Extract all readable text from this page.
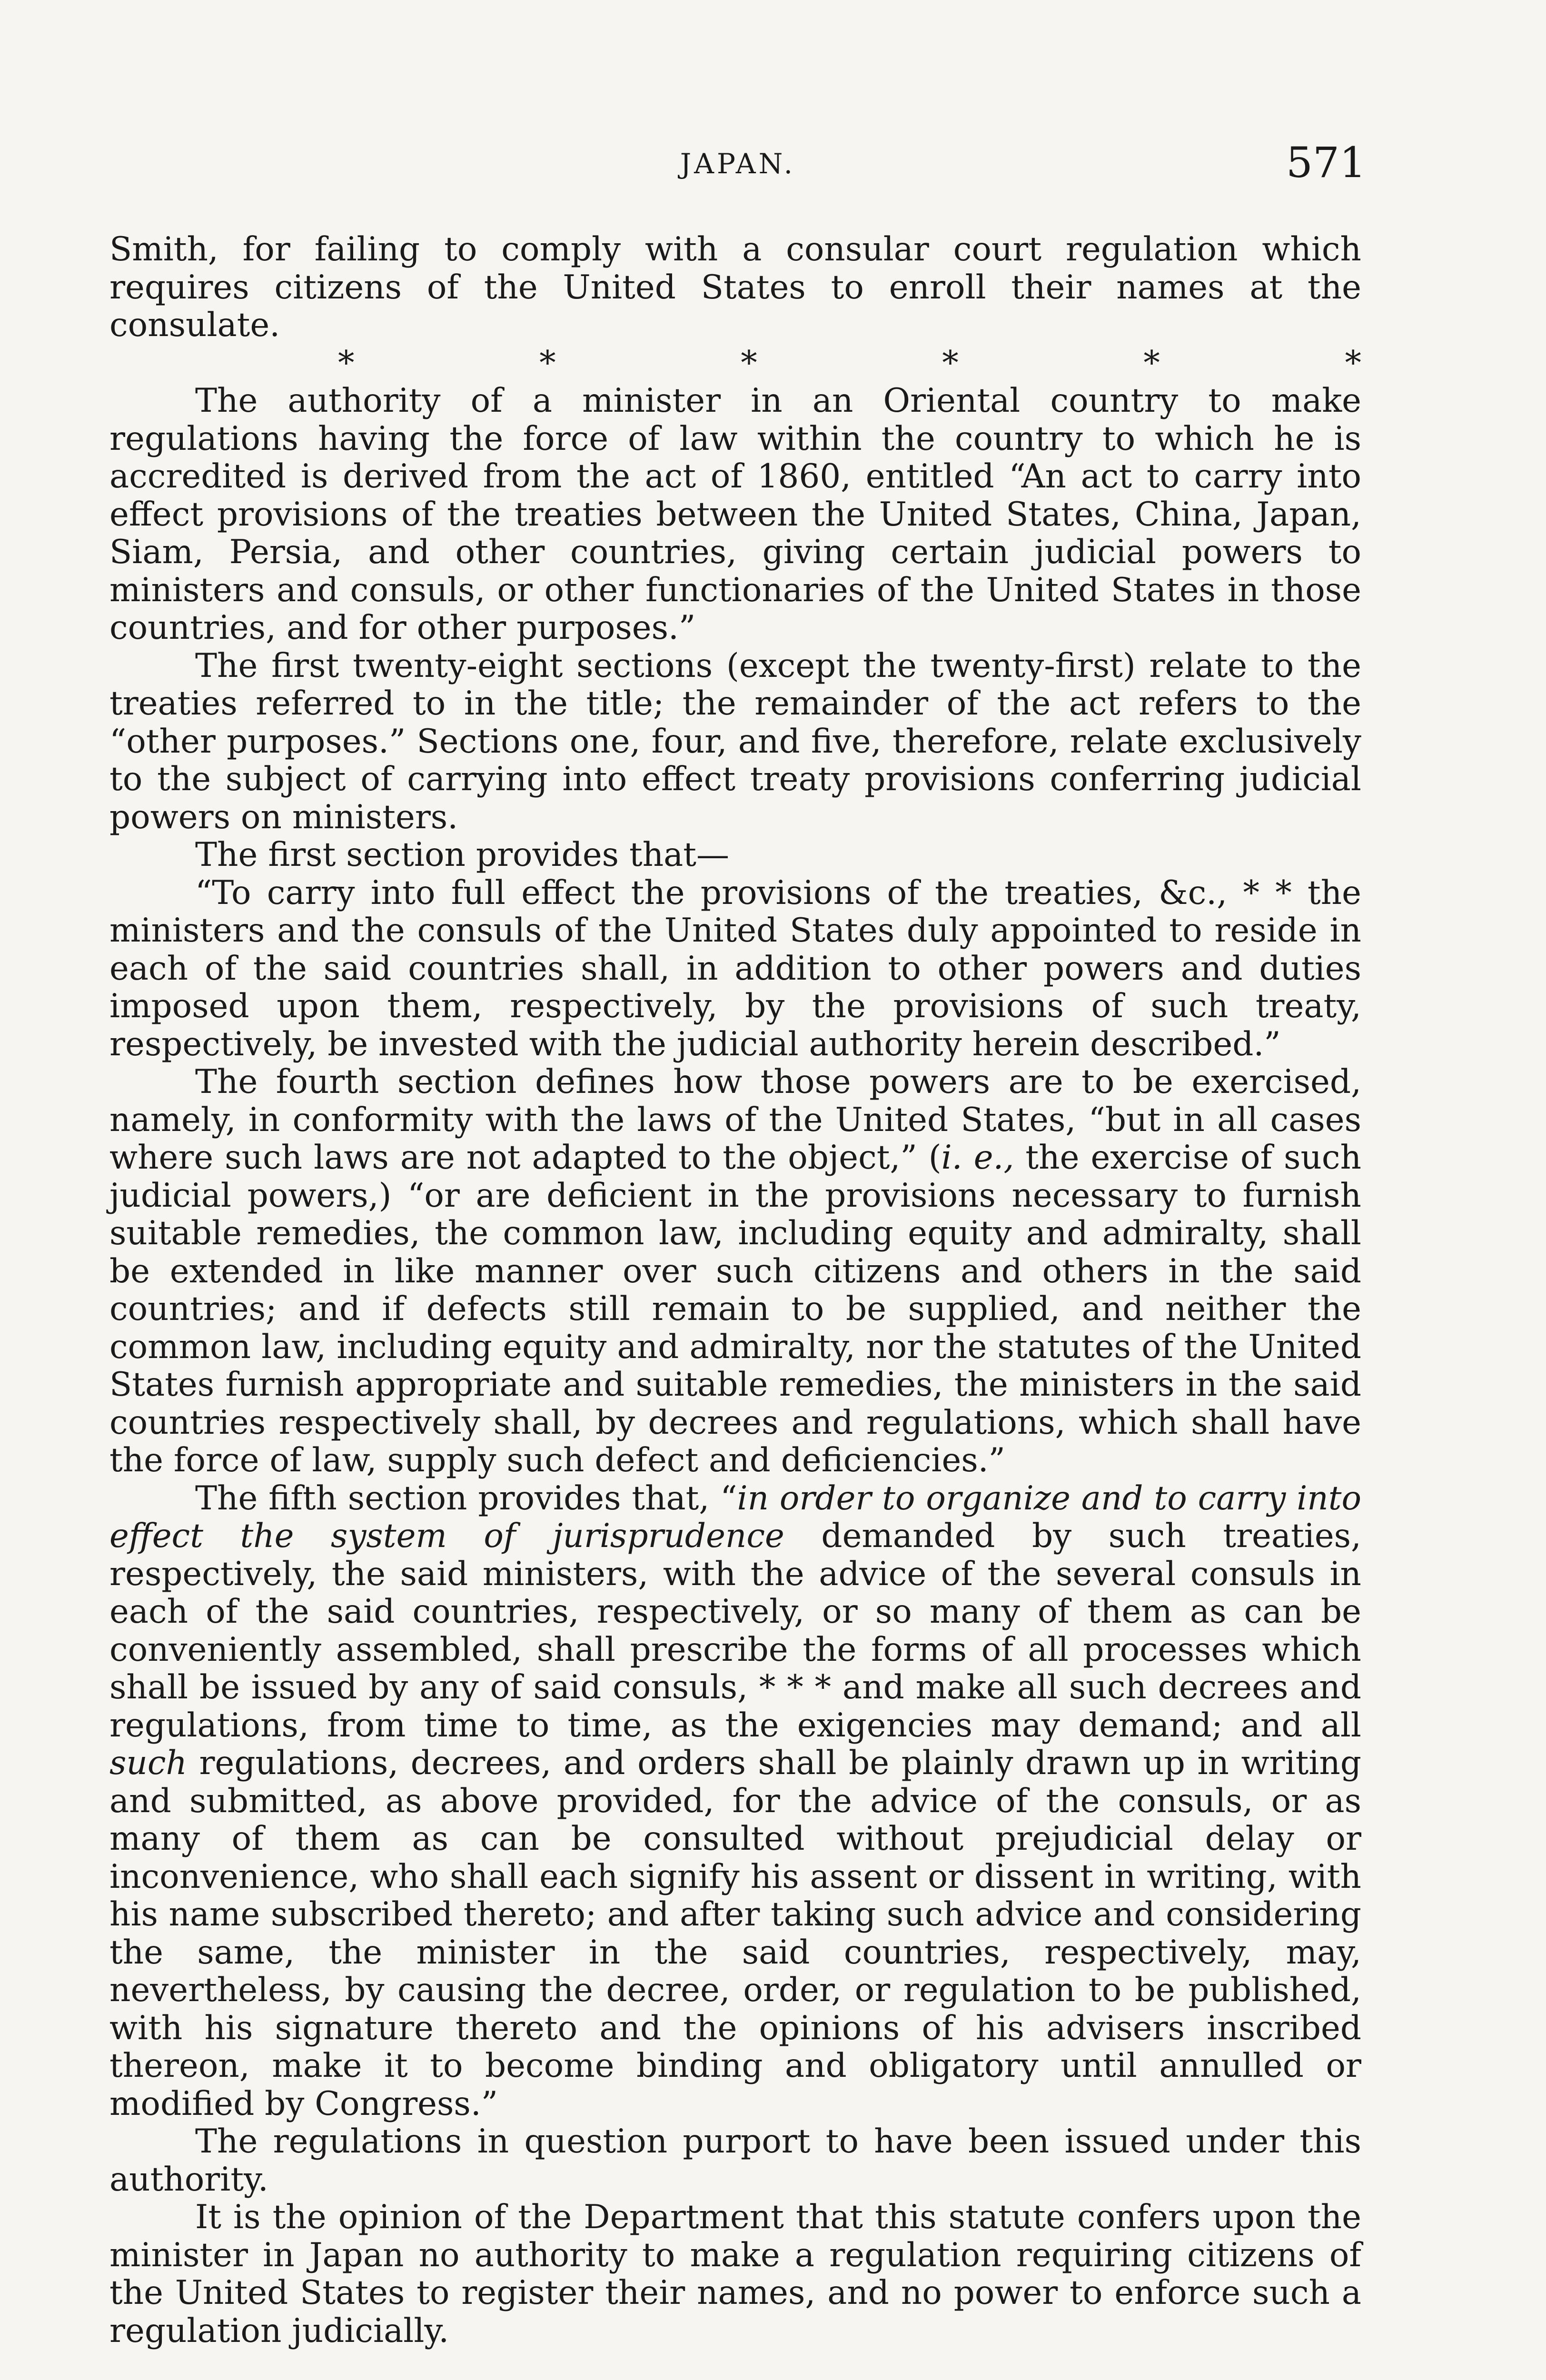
JAPAN.	571

Smith, for failing to comply with a consular court regulation which requires citizens of the United States to enroll their names at the consulate.

*	*	*	*	*	*

The authority of a minister in an Oriental country to make regulations having the force of law within the country to which he is accredited is derived from the act of 1860, entitled “An act to carry into effect provisions of the treaties between the United States, China, Japan, Siam, Persia, and other countries, giving certain judicial powers to ministers and consuls, or other functionaries of the United States in those countries, and for other purposes.”

The first twenty-eight sections (except the twenty-first) relate to the treaties referred to in the title; the remainder of the act refers to the “other purposes.” Sections one, four, and five, therefore, relate exclusively to the subject of carrying into effect treaty provisions conferring judicial powers on ministers.

The first section provides that—

“To carry into full effect the provisions of the treaties, &c., * * the ministers and the consuls of the United States duly appointed to reside in each of the said countries shall, in addition to other powers and duties imposed upon them, respectively, by the provisions of such treaty, respectively, be invested with the judicial authority herein described.”

The fourth section defines how those powers are to be exercised, namely, in conformity with the laws of the United States, “but in all cases where such laws are not adapted to the object,” (i. e., the exercise of such judicial powers,) “or are deficient in the provisions necessary to furnish suitable remedies, the common law, including equity and admiralty, shall be extended in like manner over such citizens and others in the said countries; and if defects still remain to be supplied, and neither the common law, including equity and admiralty, nor the statutes of the United States furnish appropriate and suitable remedies, the ministers in the said countries respectively shall, by decrees and regulations, which shall have the force of law, supply such defect and deficiencies.”

The fifth section provides that, “in order to organize and to carry into effect the system of jurisprudence demanded by such treaties, respectively, the said ministers, with the advice of the several consuls in each of the said countries, respectively, or so many of them as can be conveniently assembled, shall prescribe the forms of all processes which shall be issued by any of said consuls, * * * and make all such decrees and regulations, from time to time, as the exigencies may demand; and all such regulations, decrees, and orders shall be plainly drawn up in writing and submitted, as above provided, for the advice of the consuls, or as many of them as can be consulted without prejudicial delay or inconvenience, who shall each signify his assent or dissent in writing, with his name subscribed thereto; and after taking such advice and considering the same, the minister in the said countries, respectively, may, nevertheless, by causing the decree, order, or regulation to be published, with his signature thereto and the opinions of his advisers inscribed thereon, make it to become binding and obligatory until annulled or modified by Congress.”

The regulations in question purport to have been issued under this authority.

It is the opinion of the Department that this statute confers upon the minister in Japan no authority to make a regulation requiring citizens of the United States to register their names, and no power to enforce such a regulation judicially.
